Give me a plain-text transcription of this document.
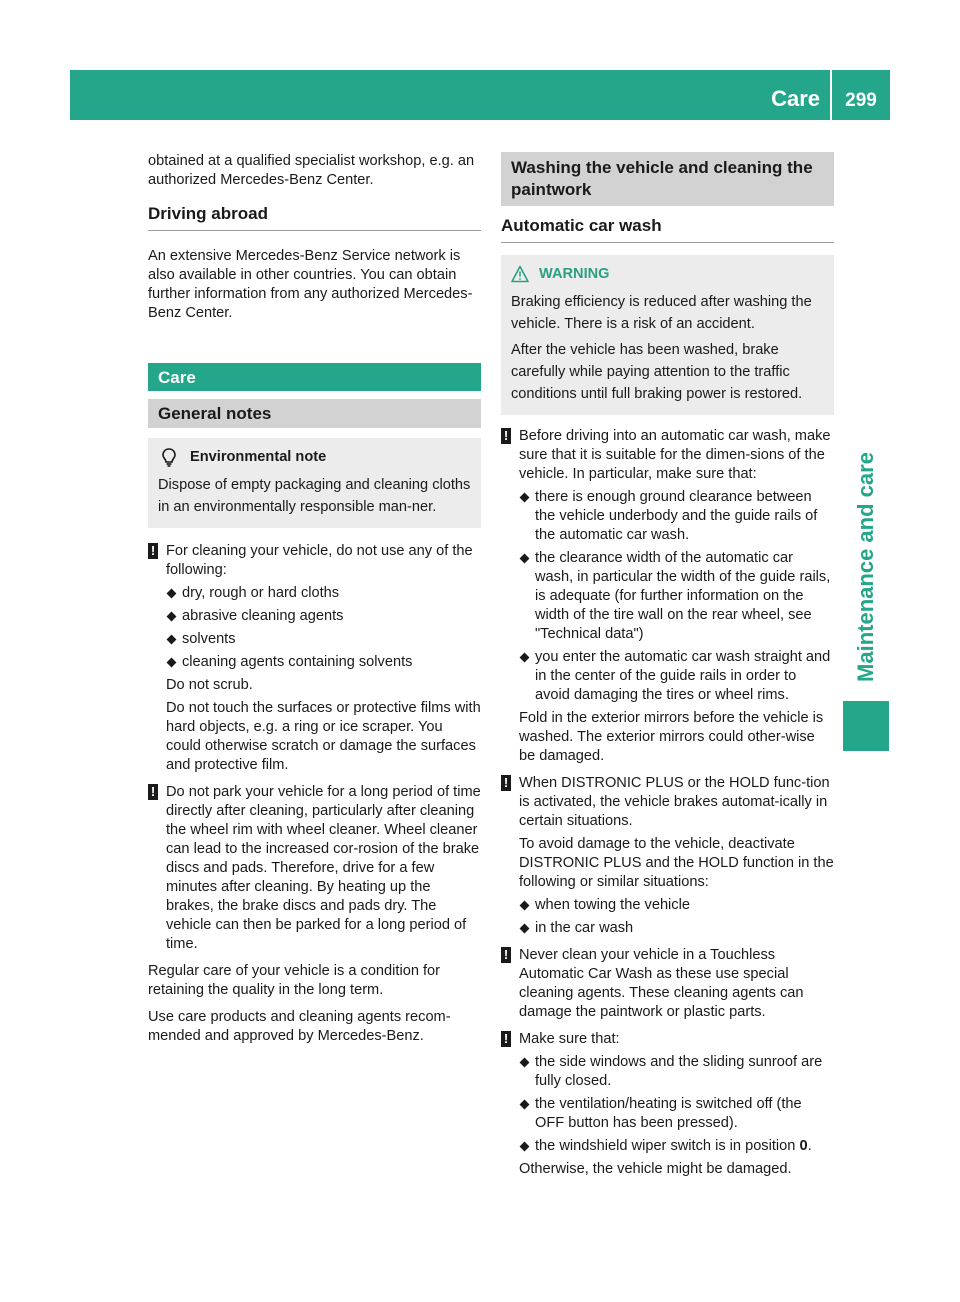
Care	299
Maintenance and care

obtained at a qualified specialist workshop, e.g. an authorized Mercedes-Benz Center.

Driving abroad

An extensive Mercedes-Benz Service network is also available in other countries. You can obtain further information from any authorized Mercedes-Benz Center.

Care
General notes
Environmental note

Dispose of empty packaging and cleaning cloths in an environmentally responsible man-ner.

! For cleaning your vehicle, do not use any of the following:

dry, rough or hard cloths
abrasive cleaning agents
solvents
cleaning agents containing solvents

Do not scrub.

Do not touch the surfaces or protective films with hard objects, e.g. a ring or ice scraper. You could otherwise scratch or damage the surfaces and protective film.

! Do not park your vehicle for a long period of time directly after cleaning, particularly after cleaning the wheel rim with wheel cleaner. Wheel cleaner can lead to the increased cor-rosion of the brake discs and pads. Therefore, drive for a few minutes after cleaning. By heating up the brakes, the brake discs and pads dry. The vehicle can then be parked for a long period of time.

Regular care of your vehicle is a condition for retaining the quality in the long term.

Use care products and cleaning agents recom-mended and approved by Mercedes-Benz.

Washing the vehicle and cleaning the paintwork
Automatic car wash
WARNING

Braking efficiency is reduced after washing the vehicle. There is a risk of an accident.

After the vehicle has been washed, brake carefully while paying attention to the traffic conditions until full braking power is restored.

! Before driving into an automatic car wash, make sure that it is suitable for the dimen-sions of the vehicle. In particular, make sure that:

there is enough ground clearance between the vehicle underbody and the guide rails of the automatic car wash.
the clearance width of the automatic car wash, in particular the width of the guide rails, is adequate (for further information on the width of the tire wall on the rear wheel, see "Technical data")
you enter the automatic car wash straight and in the center of the guide rails in order to avoid damaging the tires or wheel rims.

Fold in the exterior mirrors before the vehicle is washed. The exterior mirrors could other-wise be damaged.

! When DISTRONIC PLUS or the HOLD func-tion is activated, the vehicle brakes automat-ically in certain situations.

To avoid damage to the vehicle, deactivate DISTRONIC PLUS and the HOLD function in the following or similar situations:

when towing the vehicle
in the car wash
! Never clean your vehicle in a Touchless Automatic Car Wash as these use special cleaning agents. These cleaning agents can damage the paintwork or plastic parts.

! Make sure that:

the side windows and the sliding sunroof are fully closed.
the ventilation/heating is switched off (the OFF button has been pressed).
the windshield wiper switch is in position 0.

Otherwise, the vehicle might be damaged.
